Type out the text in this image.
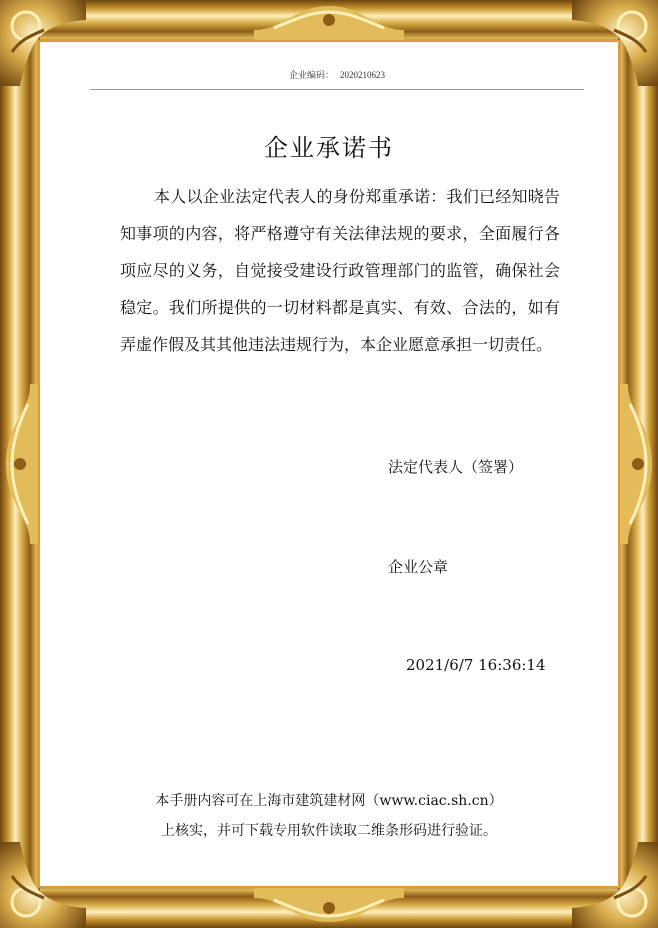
企业编码： 2020210623
企业承诺书
本人以企业法定代表人的身份郑重承诺：我们已经知晓告知事项的内容，将严格遵守有关法律法规的要求，全面履行各项应尽的义务，自觉接受建设行政管理部门的监管，确保社会稳定。我们所提供的一切材料都是真实、有效、合法的，如有弄虚作假及其其他违法违规行为，本企业愿意承担一切责任。
法定代表人（签署）
企业公章
2021/6/7 16:36:14
本手册内容可在上海市建筑建材网（www.ciac.sh.cn）
上核实，并可下载专用软件读取二维条形码进行验证。
